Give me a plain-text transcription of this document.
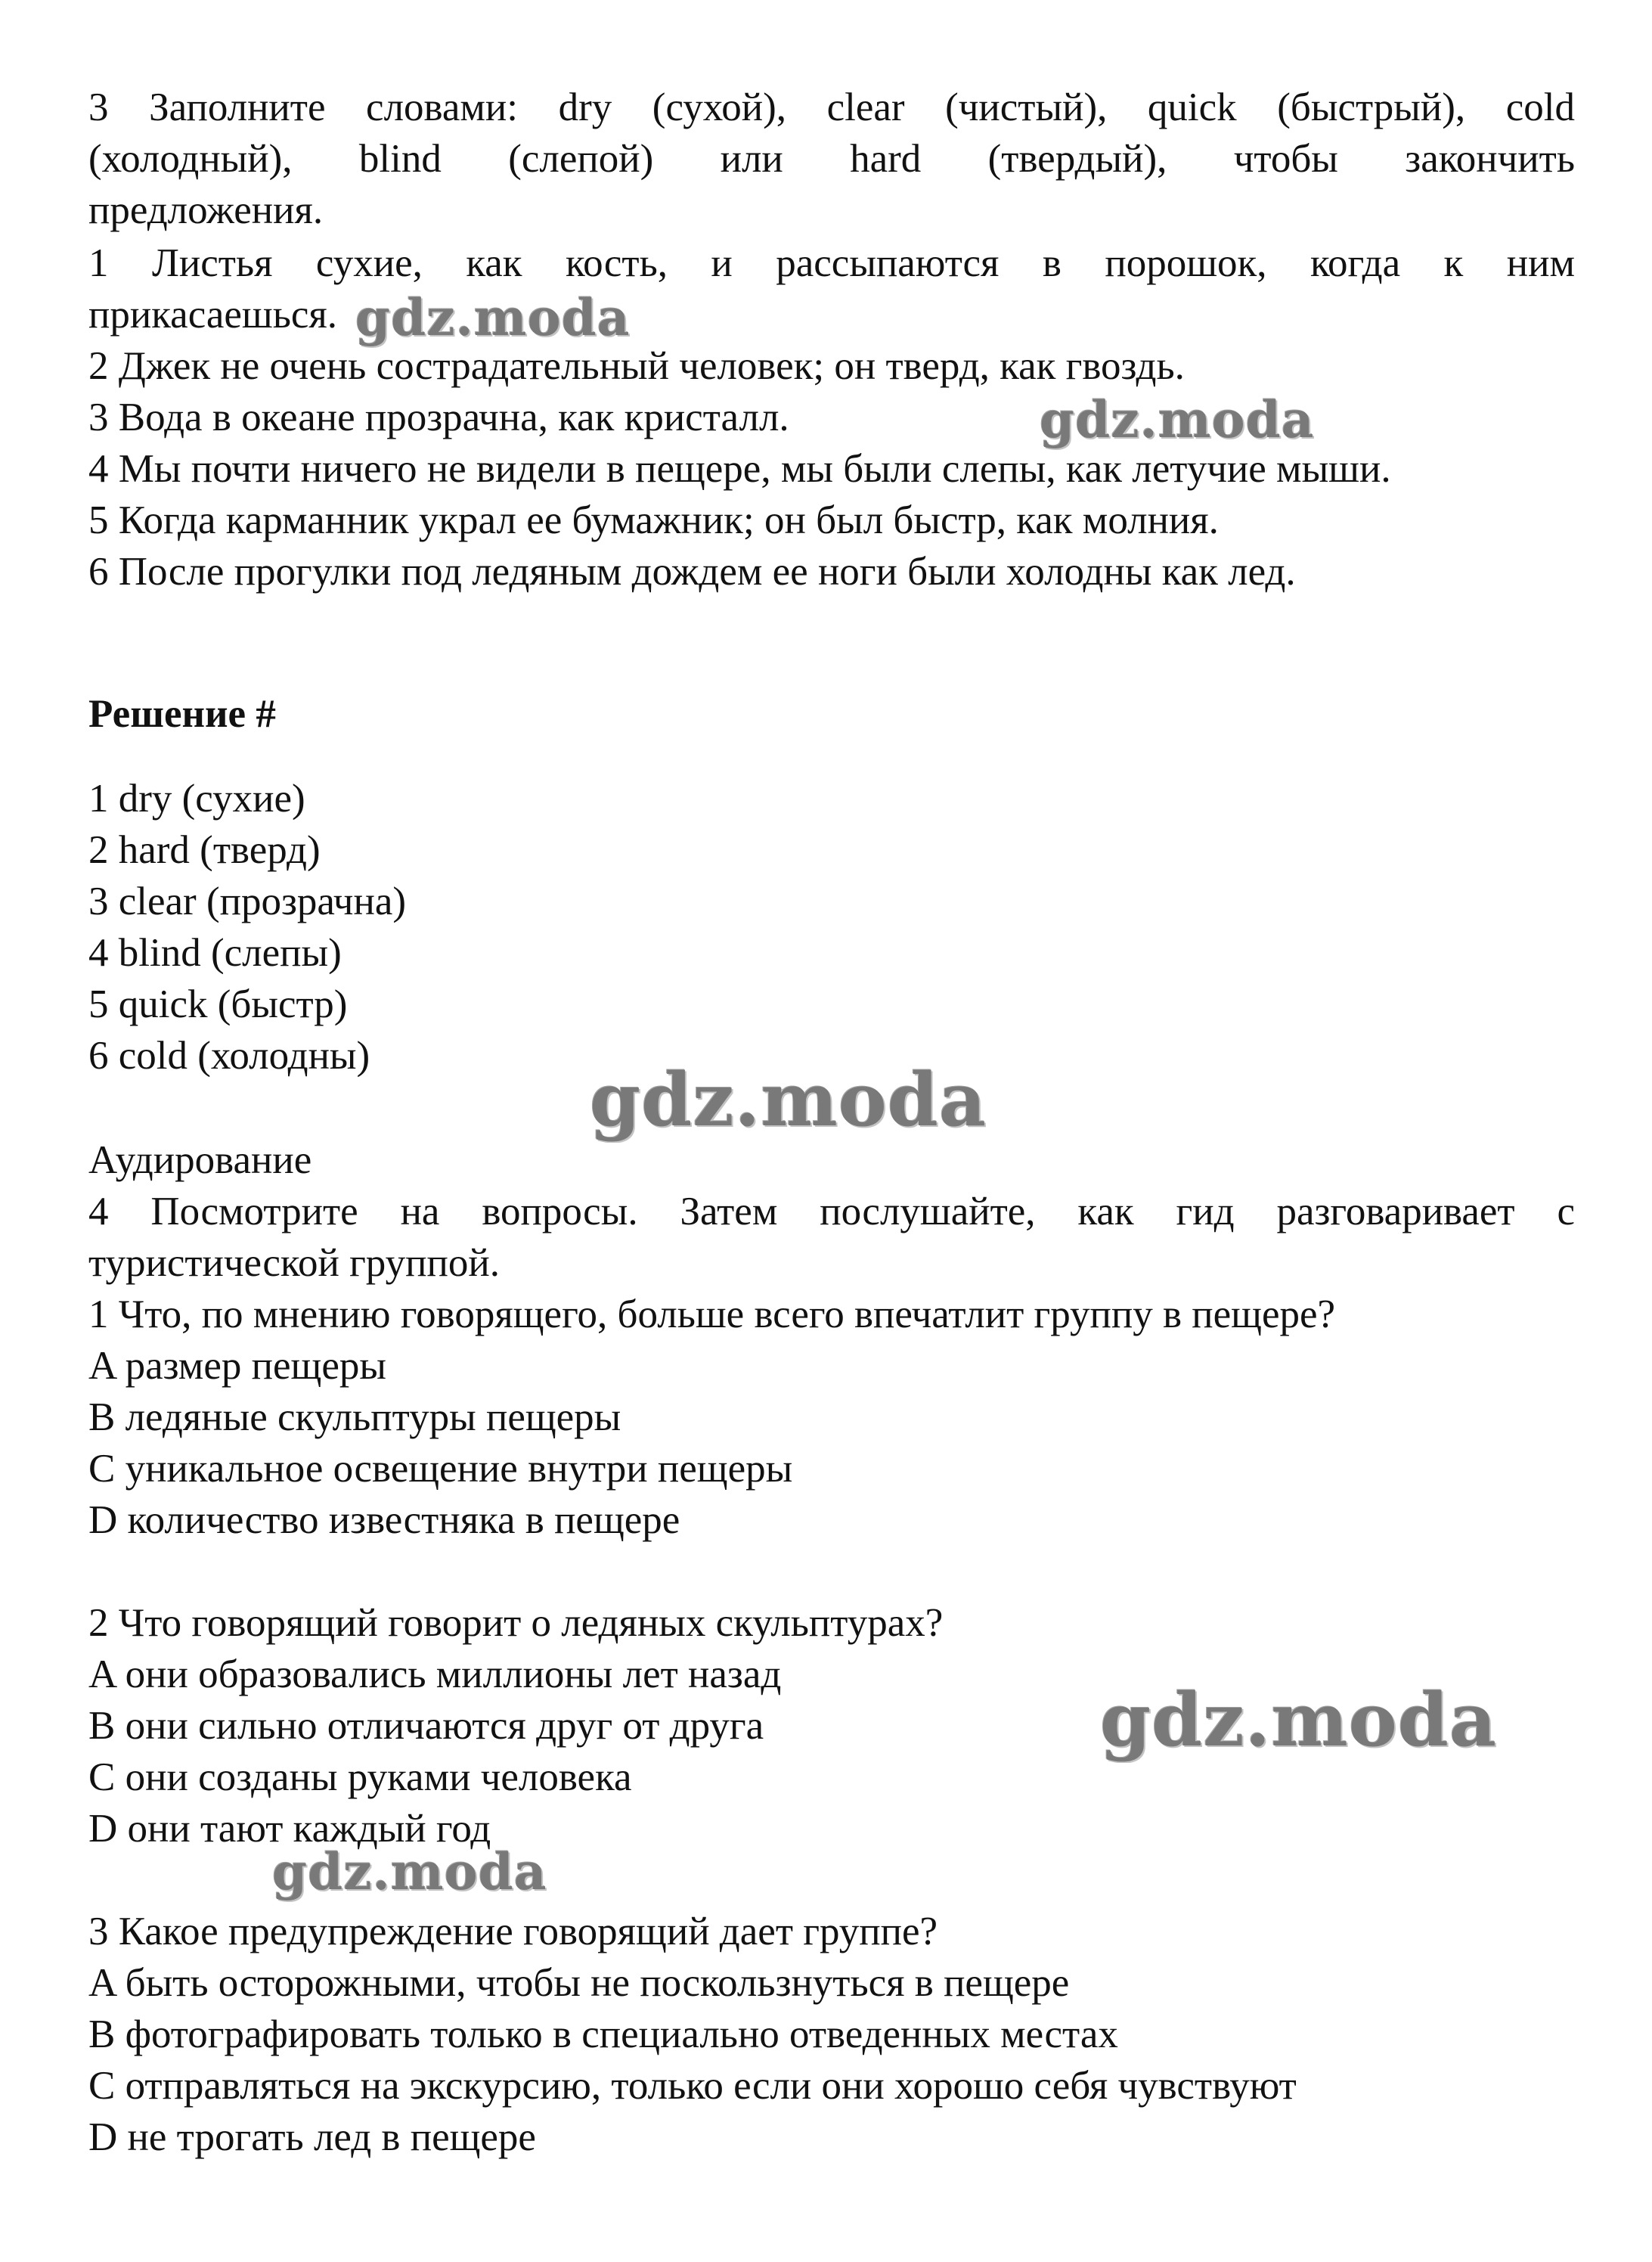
3 Заполните словами: dry (сухой), clear (чистый), quick (быстрый), cold
(холодный), blind (слепой) или hard (твердый), чтобы закончить
предложения.
1 Листья сухие, как кость, и рассыпаются в порошок, когда к ним
прикасаешься.
2 Джек не очень сострадательный человек; он тверд, как гвоздь.
3 Вода в океане прозрачна, как кристалл.
4 Мы почти ничего не видели в пещере, мы были слепы, как летучие мыши.
5 Когда карманник украл ее бумажник; он был быстр, как молния.
6 После прогулки под ледяным дождем ее ноги были холодны как лед.
Решение #
1 dry (сухие)
2 hard (тверд)
3 clear (прозрачна)
4 blind (слепы)
5 quick (быстр)
6 cold (холодны)
Аудирование
4 Посмотрите на вопросы. Затем послушайте, как гид разговаривает с
туристической группой.
1 Что, по мнению говорящего, больше всего впечатлит группу в пещере?
A размер пещеры
B ледяные скульптуры пещеры
C уникальное освещение внутри пещеры
D количество известняка в пещере
2 Что говорящий говорит о ледяных скульптурах?
A они образовались миллионы лет назад
B они сильно отличаются друг от друга
C они созданы руками человека
D они тают каждый год
3 Какое предупреждение говорящий дает группе?
A быть осторожными, чтобы не поскользнуться в пещере
B фотографировать только в специально отведенных местах
C отправляться на экскурсию, только если они хорошо себя чувствуют
D не трогать лед в пещере
gdz.moda
gdz.moda
gdz.moda
gdz.moda
gdz.moda
